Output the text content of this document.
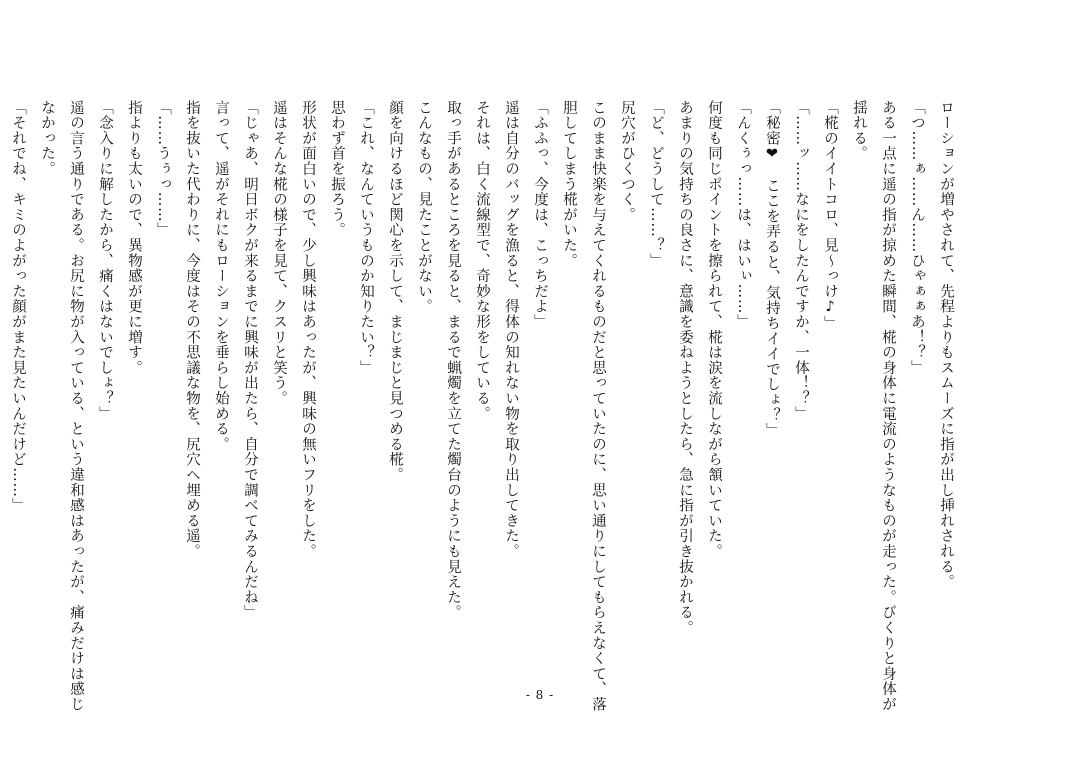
ローションが増やされて、先程よりもスムーズに指が出し挿れされる。
「つ……ぁ……ん……ひゃぁぁあ！？」
ある一点に遥の指が掠めた瞬間、椛の身体に電流のようなものが走った。びくりと身体が
揺れる。
「椛のイイトコロ、見～っけ♪」
「……ッ……なにをしたんですか、一体！？」
「秘密❤　ここを弄ると、気持ちイイでしょ？」
「んくぅっ……は、はいぃ……」
何度も同じポイントを擦られて、椛は涙を流しながら頷いていた。
あまりの気持ちの良さに、意識を委ねようとしたら、急に指が引き抜かれる。
「ど、どうして……？」
尻穴がひくつく。
このまま快楽を与えてくれるものだと思っていたのに、思い通りにしてもらえなくて、落
胆してしまう椛がいた。
「ふふっ、今度は、こっちだよ」
遥は自分のバッグを漁ると、得体の知れない物を取り出してきた。
それは、白く流線型で、奇妙な形をしている。
取っ手があるところを見ると、まるで蝋燭を立てた燭台のようにも見えた。
こんなもの、見たことがない。
顔を向けるほど関心を示して、まじまじと見つめる椛。
「これ、なんていうものか知りたい？」
思わず首を振ろう。
形状が面白いので、少し興味はあったが、興味の無いフリをした。
遥はそんな椛の様子を見て、クスリと笑う。
「じゃあ、明日ボクが来るまでに興味が出たら、自分で調べてみるんだね」
言って、遥がそれにもローションを垂らし始める。
指を抜いた代わりに、今度はその不思議な物を、尻穴へ埋める遥。
「……うぅっ……」
指よりも太いので、異物感が更に増す。
「念入りに解したから、痛くはないでしょ？」
遥の言う通りである。お尻に物が入っている、という違和感はあったが、痛みだけは感じ
なかった。
「それでね、キミのよがった顔がまた見たいんだけど……」
- 8 -
